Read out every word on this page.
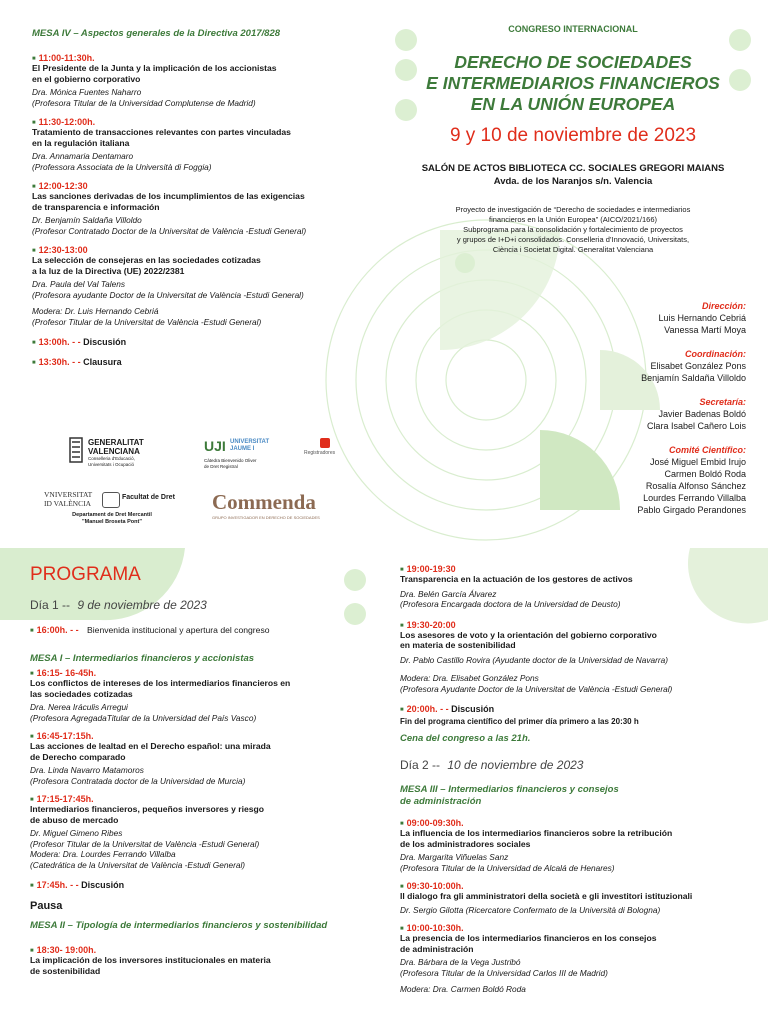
MESA IV – Aspectos generales de la Directiva 2017/828
■ 11:00-11:30h.
El Presidente de la Junta y la implicación de los accionistas
en el gobierno corporativo
Dra. Mónica Fuentes Naharro
(Profesora Titular de la Universidad Complutense de Madrid)
■ 11:30-12:00h.
Tratamiento de transacciones relevantes con partes vinculadas
en la regulación italiana
Dra. Annamaria Dentamaro
(Professora Associata de la Università di Foggia)
■ 12:00-12:30
Las sanciones derivadas de los incumplimientos de las exigencias
de transparencia e información
Dr. Benjamín Saldaña Villoldo
(Profesor Contratado Doctor de la Universitat de València -Estudi General)
■ 12:30-13:00
La selección de consejeras en las sociedades cotizadas
a la luz de la Directiva (UE) 2022/2381
Dra. Paula del Val Talens
(Profesora ayudante Doctor de la Universitat de València -Estudi General)
Modera: Dr. Luis Hernando Cebriá
(Profesor Titular de la Universitat de València -Estudi General)
■ 13:00h. - - Discusión
■ 13:30h. - - Clausura
GENERALITAT
VALENCIANA
Conselleria d'Educació,
Universitats i Ocupació
UJI UNIVERSITAT
JAUME I
Càtedra Bienvenido Oliver
de Dret Registral
Registradores
VNIVERSITAT
ID VALÈNCIA
Facultat de Dret
Departament de Dret Mercantil
"Manuel Broseta Pont"
Commenda
GRUPO INVESTIGADOR EN DERECHO DE SOCIEDADES
CONGRESO INTERNACIONAL
DERECHO DE SOCIEDADES
E INTERMEDIARIOS FINANCIEROS
EN LA UNIÓN EUROPEA
9 y 10 de noviembre de 2023
SALÓN DE ACTOS BIBLIOTECA CC. SOCIALES GREGORI MAIANS
Avda. de los Naranjos s/n. Valencia
Proyecto de investigación de “Derecho de sociedades e intermediarios
financieros en la Unión Europea” (AICO/2021/166)
Subprograma para la consolidación y fortalecimiento de proyectos
y grupos de I+D+i consolidados. Conselleria d’Innovació, Universitats,
Ciència i Societat Digital. Generalitat Valenciana
Dirección:
Luis Hernando Cebriá
Vanessa Martí Moya
Coordinación:
Elisabet González Pons
Benjamín Saldaña Villoldo
Secretaría:
Javier Badenas Boldó
Clara Isabel Cañero Lois
Comité Científico:
José Miguel Embid Irujo
Carmen Boldó Roda
Rosalía Alfonso Sánchez
Lourdes Ferrando Villalba
Pablo Girgado Perandones
PROGRAMA
Día 1 -- 9 de noviembre de 2023
■ 16:00h. - - Bienvenida institucional y apertura del congreso
MESA I – Intermediarios financieros y accionistas
■ 16:15- 16-45h.
Los conflictos de intereses de los intermediarios financieros en
las sociedades cotizadas
Dra. Nerea Iráculis Arregui
(Profesora AgregadaTitular de la Universidad del País Vasco)
■ 16:45-17:15h.
Las acciones de lealtad en el Derecho español: una mirada
de Derecho comparado
Dra. Linda Navarro Matamoros
(Profesora Contratada doctor de la Universidad de Murcia)
■ 17:15-17:45h.
Intermediarios financieros, pequeños inversores y riesgo
de abuso de mercado
Dr. Miguel Gimeno Ribes
(Profesor Titular de la Universitat de València -Estudi General)
Modera: Dra. Lourdes Ferrando Villalba
(Catedrática de la Universitat de València -Estudi General)
■ 17:45h. - - Discusión
Pausa
MESA II – Tipología de intermediarios financieros y sostenibilidad
■ 18:30- 19:00h.
La implicación de los inversores institucionales en materia
de sostenibilidad
■ 19:00-19:30
Transparencia en la actuación de los gestores de activos
Dra. Belén García Álvarez
(Profesora Encargada doctora de la Universidad de Deusto)
■ 19:30-20:00
Los asesores de voto y la orientación del gobierno corporativo
en materia de sostenibilidad
Dr. Pablo Castillo Rovira (Ayudante doctor de la Universidad de Navarra)
Modera: Dra. Elisabet González Pons
(Profesora Ayudante Doctor de la Universitat de València -Estudi General)
■ 20:00h. - - Discusión
Fin del programa científico del primer día primero a las 20:30 h
Cena del congreso a las 21h.
Día 2 -- 10 de noviembre de 2023
MESA III – Intermediarios financieros y consejos
de administración
■ 09:00-09:30h.
La influencia de los intermediarios financieros sobre la retribución
de los administradores sociales
Dra. Margarita Viñuelas Sanz
(Profesora Titular de la Universidad de Alcalá de Henares)
■ 09:30-10:00h.
Il dialogo fra gli amministratori della società e gli investitori istituzionali
Dr. Sergio Gilotta (Ricercatore Confermato de la Università di Bologna)
■ 10:00-10:30h.
La presencia de los intermediarios financieros en los consejos
de administración
Dra. Bárbara de la Vega Justribó
(Profesora Titular de la Universidad Carlos III de Madrid)
Modera: Dra. Carmen Boldó Roda
